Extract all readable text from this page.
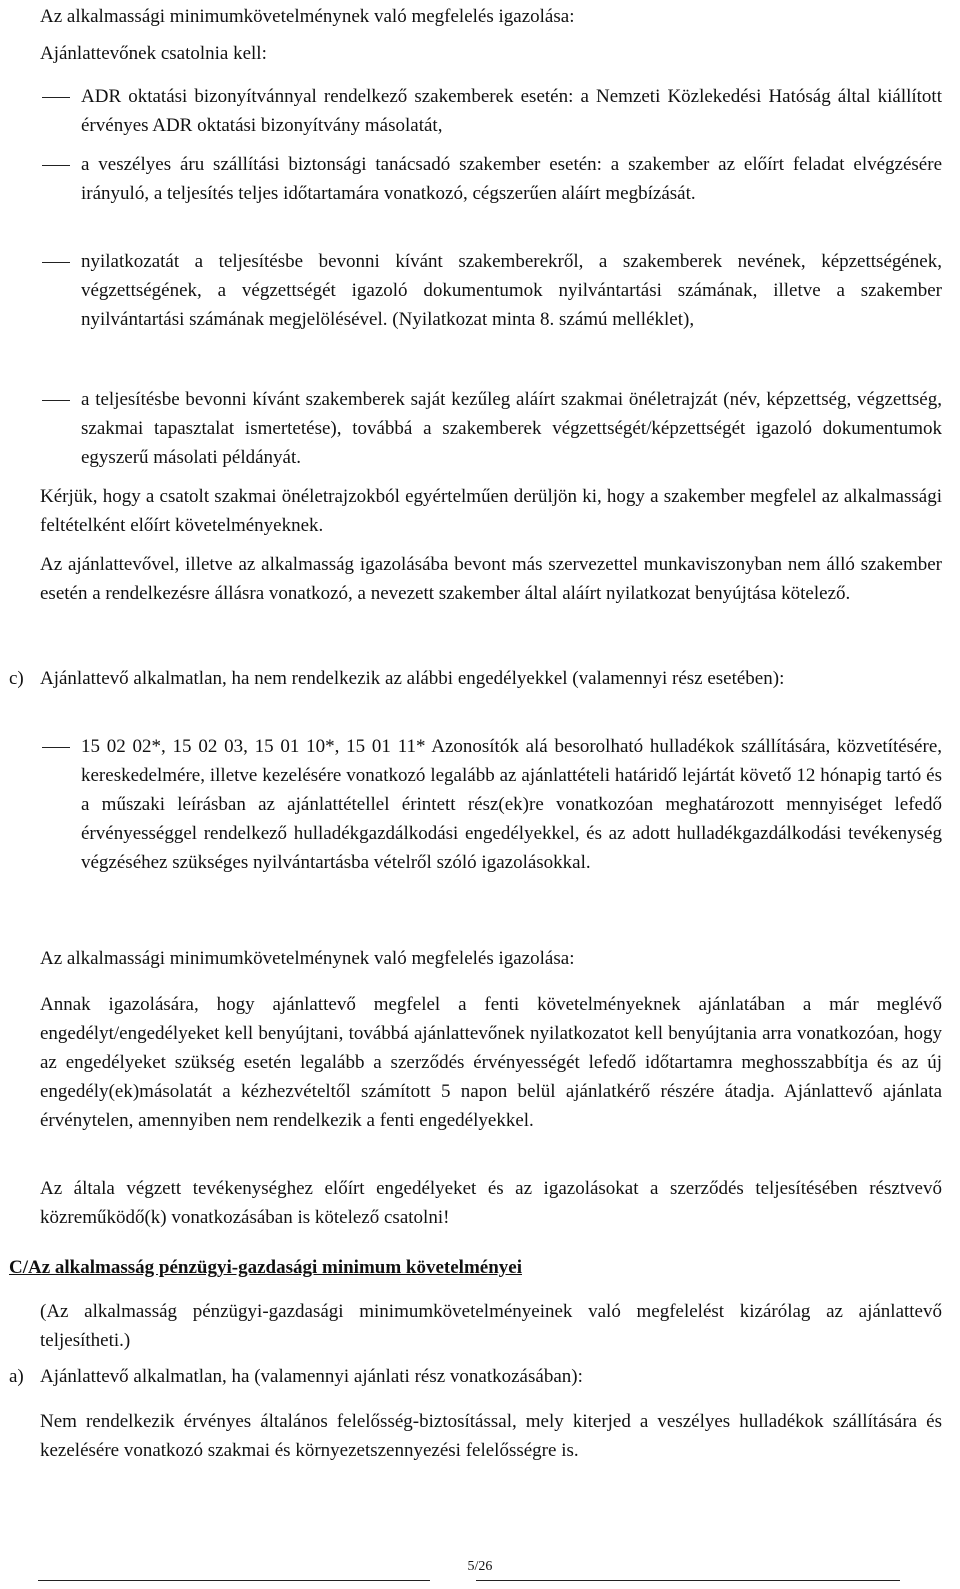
Az alkalmassági minimumkövetelménynek való megfelelés igazolása:

Ajánlattevőnek csatolnia kell:

ADR oktatási bizonyítvánnyal rendelkező szakemberek esetén: a Nemzeti Közlekedési Hatóság által kiállított érvényes ADR oktatási bizonyítvány másolatát,

a veszélyes áru szállítási biztonsági tanácsadó szakember esetén: a szakember az előírt feladat elvégzésére irányuló, a teljesítés teljes időtartamára vonatkozó, cégszerűen aláírt megbízását.

nyilatkozatát a teljesítésbe bevonni kívánt szakemberekről, a szakemberek nevének, képzettségének, végzettségének, a végzettségét igazoló dokumentumok nyilvántartási számának, illetve a szakember nyilvántartási számának megjelölésével. (Nyilatkozat minta 8. számú melléklet),

a teljesítésbe bevonni kívánt szakemberek saját kezűleg aláírt szakmai önéletrajzát (név, képzettség, végzettség, szakmai tapasztalat ismertetése), továbbá a szakemberek végzettségét/képzettségét igazoló dokumentumok egyszerű másolati példányát.

Kérjük, hogy a csatolt szakmai önéletrajzokból egyértelműen derüljön ki, hogy a szakember megfelel az alkalmassági feltételként előírt követelményeknek.

Az ajánlattevővel, illetve az alkalmasság igazolásába bevont más szervezettel munkaviszonyban nem álló szakember esetén a rendelkezésre állásra vonatkozó, a nevezett szakember által aláírt nyilatkozat benyújtása kötelező.

c) Ajánlattevő alkalmatlan, ha nem rendelkezik az alábbi engedélyekkel (valamennyi rész esetében):

15 02 02*, 15 02 03, 15 01 10*, 15 01 11* Azonosítók alá besorolható hulladékok szállítására, közvetítésére, kereskedelmére, illetve kezelésére vonatkozó legalább az ajánlattételi határidő lejártát követő 12 hónapig tartó és a műszaki leírásban az ajánlattétellel érintett rész(ek)re vonatkozóan meghatározott mennyiséget lefedő érvényességgel rendelkező hulladékgazdálkodási engedélyekkel, és az adott hulladékgazdálkodási tevékenység végzéséhez szükséges nyilvántartásba vételről szóló igazolásokkal.

Az alkalmassági minimumkövetelménynek való megfelelés igazolása:

Annak igazolására, hogy ajánlattevő megfelel a fenti követelményeknek ajánlatában a már meglévő engedélyt/engedélyeket kell benyújtani, továbbá ajánlattevőnek nyilatkozatot kell benyújtania arra vonatkozóan, hogy az engedélyeket szükség esetén legalább a szerződés érvényességét lefedő időtartamra meghosszabbítja és az új engedély(ek)másolatát a kézhezvételtől számított 5 napon belül ajánlatkérő részére átadja. Ajánlattevő ajánlata érvénytelen, amennyiben nem rendelkezik a fenti engedélyekkel.

Az általa végzett tevékenységhez előírt engedélyeket és az igazolásokat a szerződés teljesítésében résztvevő közreműködő(k) vonatkozásában is kötelező csatolni!

C/Az alkalmasság pénzügyi-gazdasági minimum követelményei

(Az alkalmasság pénzügyi-gazdasági minimumkövetelményeinek való megfelelést kizárólag az ajánlattevő teljesítheti.)

a) Ajánlattevő alkalmatlan, ha (valamennyi ajánlati rész vonatkozásában):

Nem rendelkezik érvényes általános felelősség-biztosítással, mely kiterjed a veszélyes hulladékok szállítására és kezelésére vonatkozó szakmai és környezetszennyezési felelősségre is.

5/26
